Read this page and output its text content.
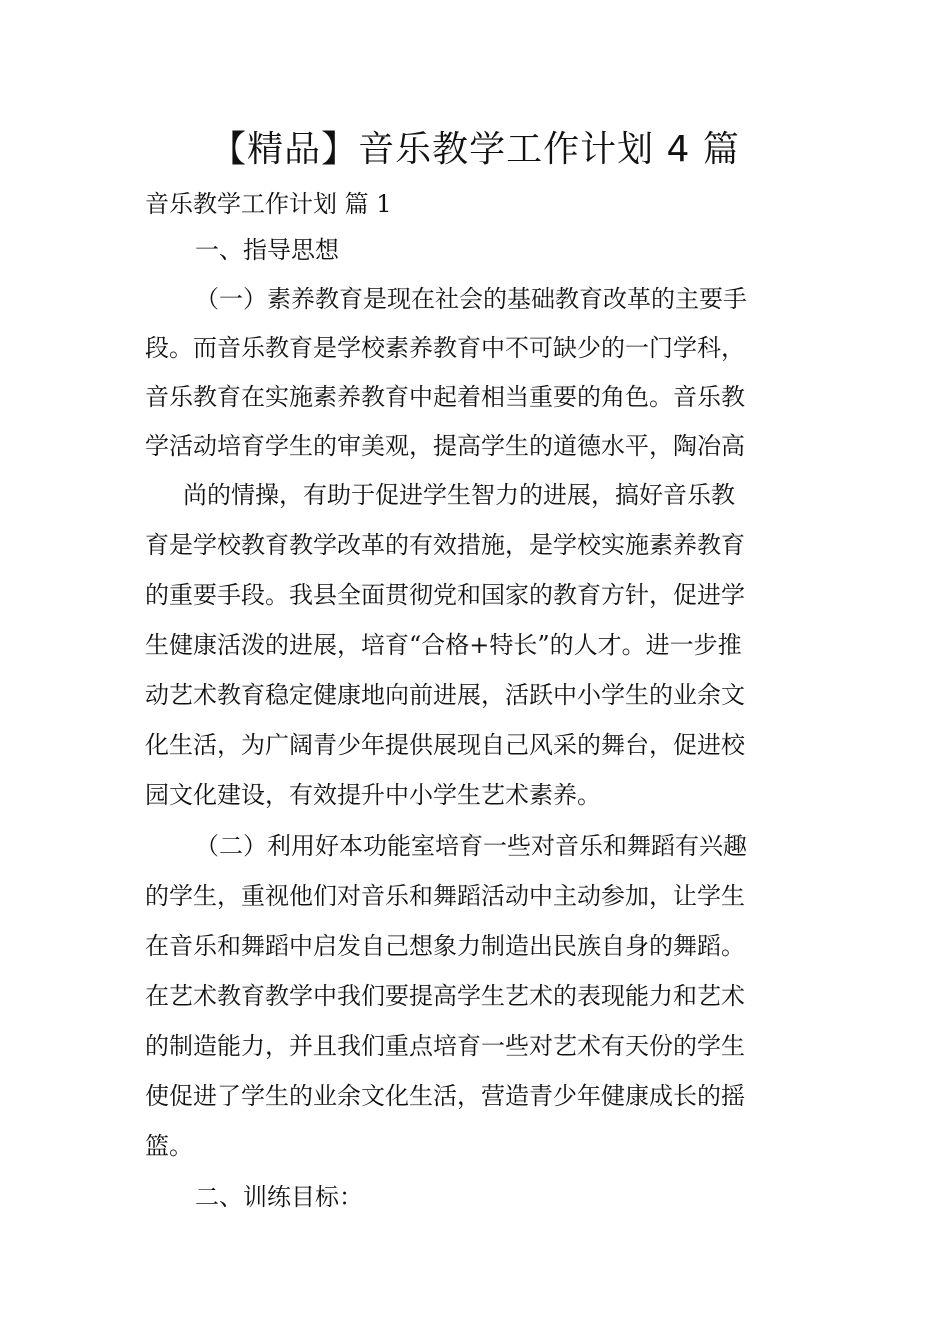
【精品】音乐教学工作计划 4 篇
音乐教学工作计划 篇 1
一、指导思想
（一）素养教育是现在社会的基础教育改革的主要手
段。而音乐教育是学校素养教育中不可缺少的一门学科，
音乐教育在实施素养教育中起着相当重要的角色。音乐教
学活动培育学生的审美观，提高学生的道德水平，陶冶高
尚的情操，有助于促进学生智力的进展，搞好音乐教
育是学校教育教学改革的有效措施，是学校实施素养教育
的重要手段。我县全面贯彻党和国家的教育方针，促进学
生健康活泼的进展，培育“合格+特长”的人才。进一步推
动艺术教育稳定健康地向前进展，活跃中小学生的业余文
化生活，为广阔青少年提供展现自己风采的舞台，促进校
园文化建设，有效提升中小学生艺术素养。
（二）利用好本功能室培育一些对音乐和舞蹈有兴趣
的学生，重视他们对音乐和舞蹈活动中主动参加，让学生
在音乐和舞蹈中启发自己想象力制造出民族自身的舞蹈。
在艺术教育教学中我们要提高学生艺术的表现能力和艺术
的制造能力，并且我们重点培育一些对艺术有天份的学生
使促进了学生的业余文化生活，营造青少年健康成长的摇
篮。
二、训练目标：
